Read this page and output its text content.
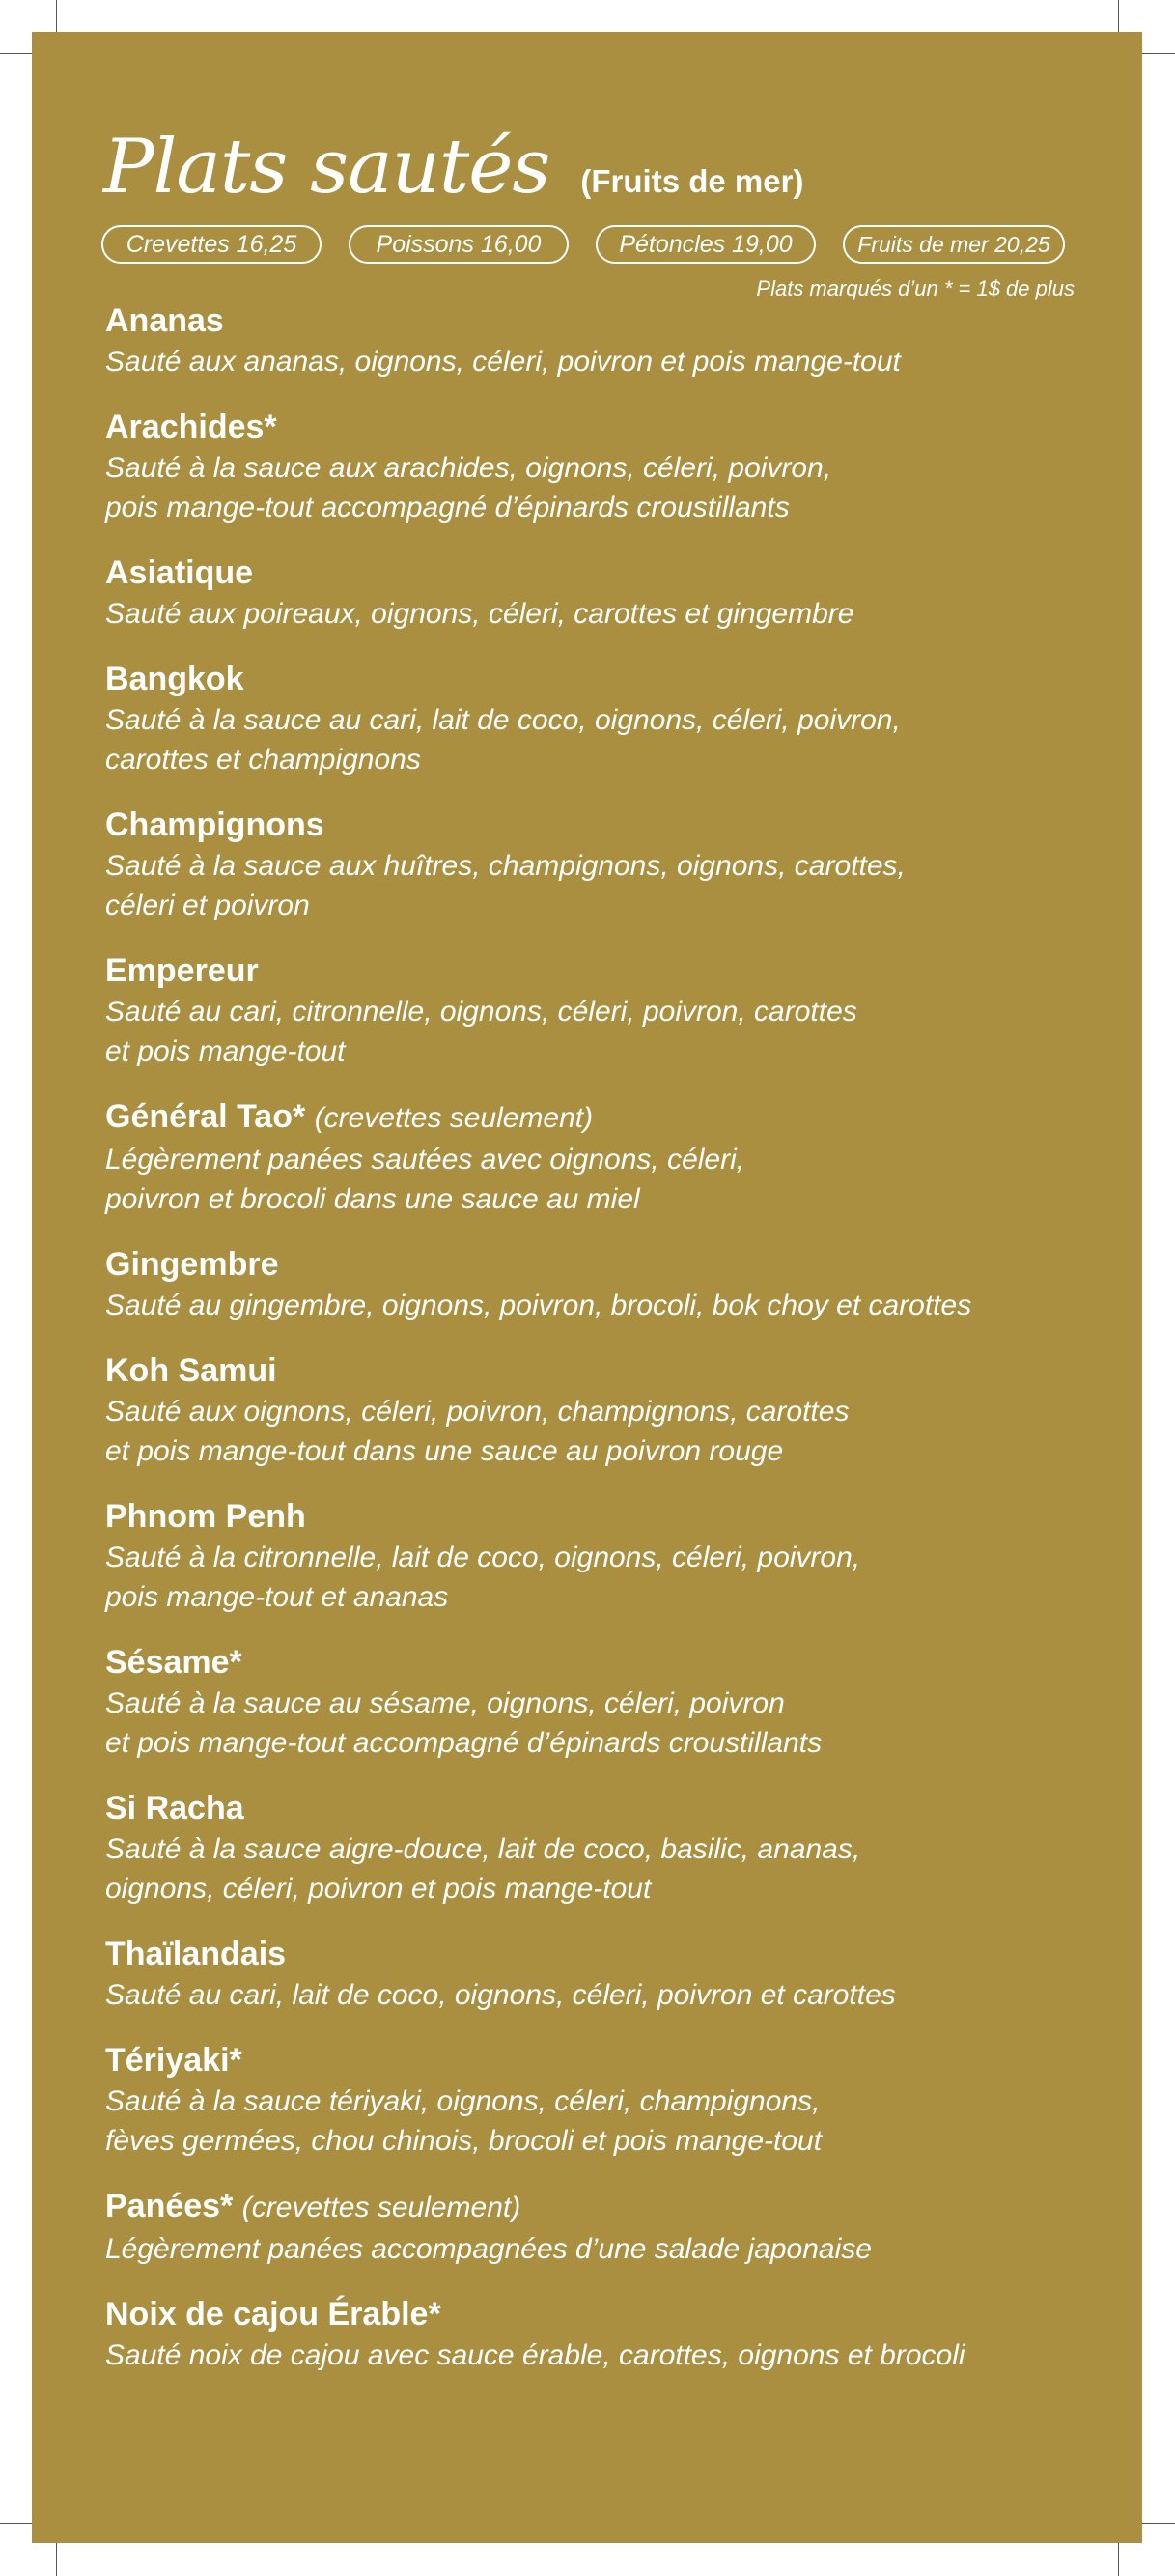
Plats sautés (Fruits de mer)
Crevettes 16,25	Poissons 16,00	Pétoncles 19,00	Fruits de mer 20,25
Plats marqués d’un * = 1$ de plus
Ananas
Sauté aux ananas, oignons, céleri, poivron et pois mange-tout
Arachides*
Sauté à la sauce aux arachides, oignons, céleri, poivron,
pois mange-tout accompagné d’épinards croustillants
Asiatique
Sauté aux poireaux, oignons, céleri, carottes et gingembre
Bangkok
Sauté à la sauce au cari, lait de coco, oignons, céleri, poivron,
carottes et champignons
Champignons
Sauté à la sauce aux huîtres, champignons, oignons, carottes,
céleri et poivron
Empereur
Sauté au cari, citronnelle, oignons, céleri, poivron, carottes
et pois mange-tout
Général Tao* (crevettes seulement)
Légèrement panées sautées avec oignons, céleri,
poivron et brocoli dans une sauce au miel
Gingembre
Sauté au gingembre, oignons, poivron, brocoli, bok choy et carottes
Koh Samui
Sauté aux oignons, céleri, poivron, champignons, carottes
et pois mange-tout dans une sauce au poivron rouge
Phnom Penh
Sauté à la citronnelle, lait de coco, oignons, céleri, poivron,
pois mange-tout et ananas
Sésame*
Sauté à la sauce au sésame, oignons, céleri, poivron
et pois mange-tout accompagné d’épinards croustillants
Si Racha
Sauté à la sauce aigre-douce, lait de coco, basilic, ananas,
oignons, céleri, poivron et pois mange-tout
Thaïlandais
Sauté au cari, lait de coco, oignons, céleri, poivron et carottes
Tériyaki*
Sauté à la sauce tériyaki, oignons, céleri, champignons,
fèves germées, chou chinois, brocoli et pois mange-tout
Panées* (crevettes seulement)
Légèrement panées accompagnées d’une salade japonaise
Noix de cajou Érable*
Sauté noix de cajou avec sauce érable, carottes, oignons et brocoli
